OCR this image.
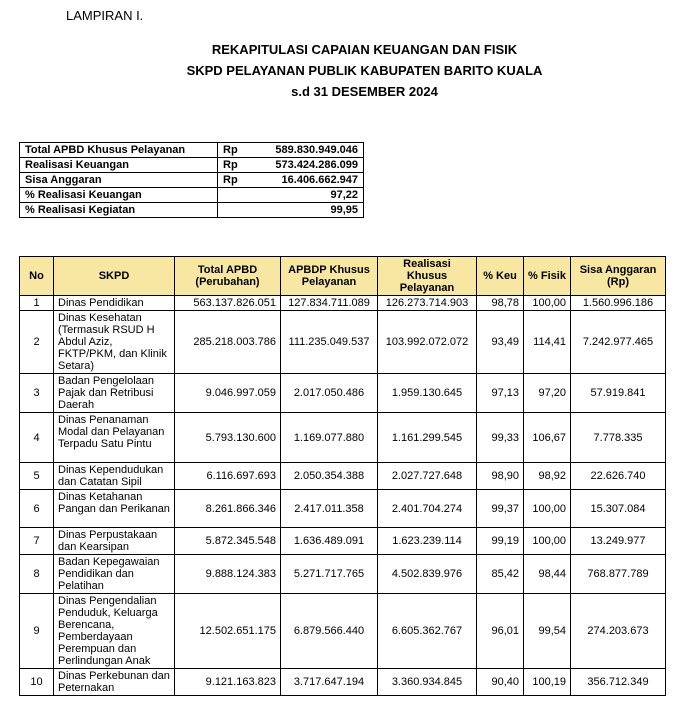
LAMPIRAN I.
REKAPITULASI CAPAIAN KEUANGAN DAN FISIK
SKPD PELAYANAN PUBLIK KABUPATEN BARITO KUALA
s.d 31 DESEMBER 2024
Total APBD Khusus Pelayanan	Rp	589.830.949.046
Realisasi Keuangan	Rp	573.424.286.099
Sisa Anggaran	Rp	16.406.662.947
% Realisasi Keuangan	97,22	
% Realisasi Kegiatan	99,95	
No	SKPD	Total APBD (Perubahan)	APBDP Khusus Pelayanan	Realisasi Khusus Pelayanan	% Keu	% Fisik	Sisa Anggaran (Rp)
1	Dinas Pendidikan	563.137.826.051	127.834.711.089	126.273.714.903	98,78	100,00	1.560.996.186
2	Dinas Kesehatan (Termasuk RSUD H Abdul Aziz, FKTP/PKM, dan Klinik Setara)	285.218.003.786	111.235.049.537	103.992.072.072	93,49	114,41	7.242.977.465
3	Badan Pengelolaan Pajak dan Retribusi Daerah	9.046.997.059	2.017.050.486	1.959.130.645	97,13	97,20	57.919.841
4	Dinas Penanaman Modal dan Pelayanan Terpadu Satu Pintu	5.793.130.600	1.169.077.880	1.161.299.545	99,33	106,67	7.778.335
5	Dinas Kependudukan dan Catatan Sipil	6.116.697.693	2.050.354.388	2.027.727.648	98,90	98,92	22.626.740
6	Dinas Ketahanan Pangan dan Perikanan	8.261.866.346	2.417.011.358	2.401.704.274	99,37	100,00	15.307.084
7	Dinas Perpustakaan dan Kearsipan	5.872.345.548	1.636.489.091	1.623.239.114	99,19	100,00	13.249.977
8	Badan Kepegawaian Pendidikan dan Pelatihan	9.888.124.383	5.271.717.765	4.502.839.976	85,42	98,44	768.877.789
9	Dinas Pengendalian Penduduk, Keluarga Berencana, Pemberdayaan Perempuan dan Perlindungan Anak	12.502.651.175	6.879.566.440	6.605.362.767	96,01	99,54	274.203.673
10	Dinas Perkebunan dan Peternakan	9.121.163.823	3.717.647.194	3.360.934.845	90,40	100,19	356.712.349
